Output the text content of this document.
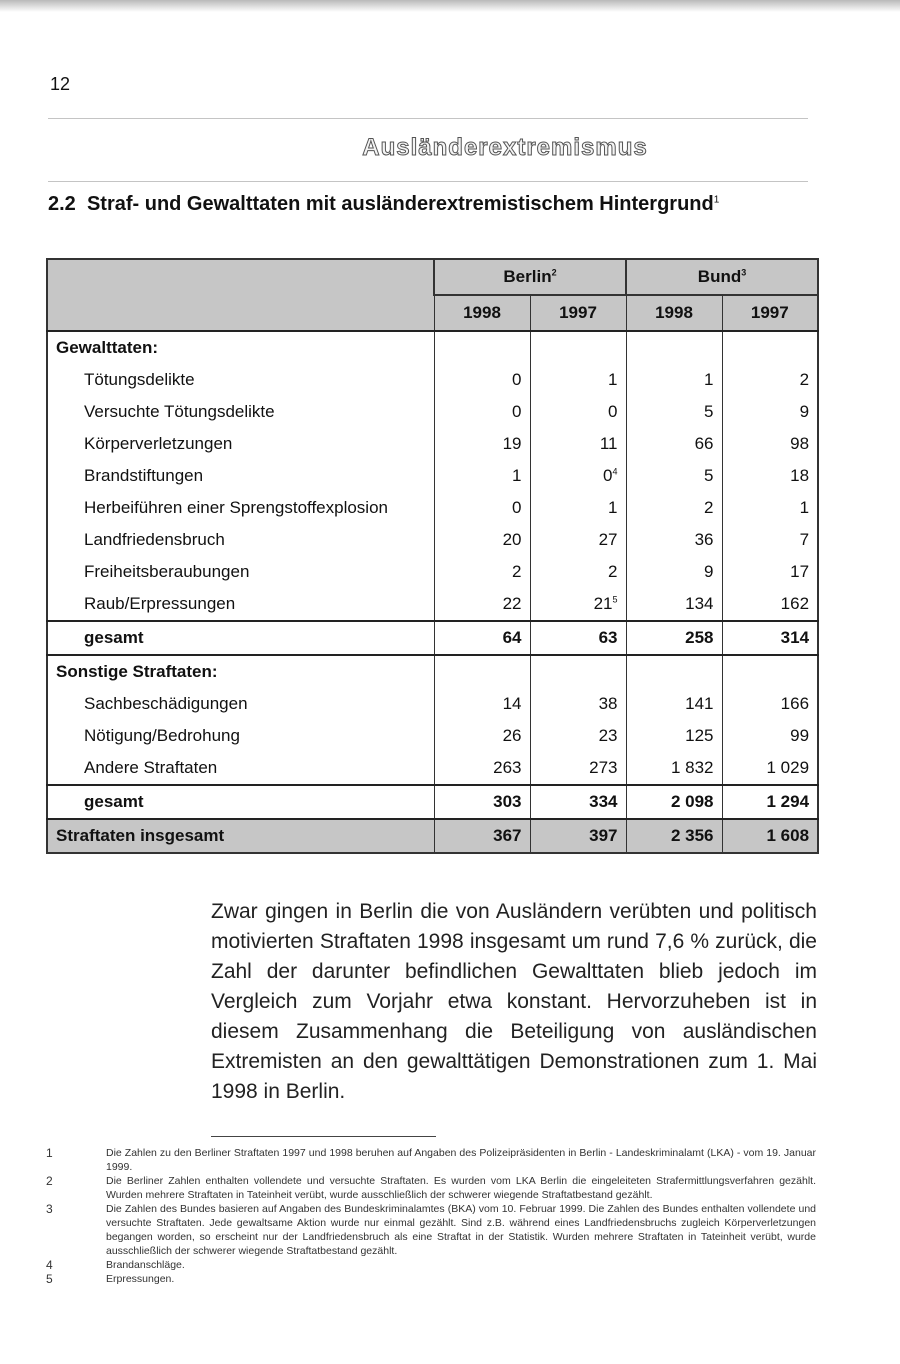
12
Ausländerextremismus
2.2 Straf- und Gewalttaten mit ausländerextremistischem Hintergrund$^1$
	Berlin$^2$		Bund$^3$
	1998	1997	1998	1997
Gewalttaten:				
Tötungsdelikte	0	1	1	2
Versuchte Tötungsdelikte	0	0	5	9
Körperverletzungen	19	11	66	98
Brandstiftungen	1	$0^4$	5	18
Herbeiführen einer Sprengstoffexplosion	0	1	2	1
Landfriedensbruch	20	27	36	7
Freiheitsberaubungen	2	2	9	17
Raub/Erpressungen	22	$21^5$	134	162
gesamt	64	63	258	314
Sonstige Straftaten:				
Sachbeschädigungen	14	38	141	166
Nötigung/Bedrohung	26	23	125	99
Andere Straftaten	263	273	1 832	1 029
gesamt	303	334	2 098	1 294
Straftaten insgesamt	367	397	2 356	1 608
Zwar gingen in Berlin die von Ausländern verübten und politisch motivierten Straftaten 1998 insgesamt um rund 7,6 % zurück, die Zahl der darunter befindlichen Gewalttaten blieb jedoch im Vergleich zum Vorjahr etwa konstant. Hervorzuheben ist in diesem Zusammenhang die Beteiligung von ausländischen Extremisten an den gewalttätigen Demonstrationen zum 1. Mai 1998 in Berlin.
1	Die Zahlen zu den Berliner Straftaten 1997 und 1998 beruhen auf Angaben des Polizeipräsidenten in Berlin - Landeskriminalamt (LKA) - vom 19. Januar 1999.
2	Die Berliner Zahlen enthalten vollendete und versuchte Straftaten. Es wurden vom LKA Berlin die eingeleiteten Strafermittlungsverfahren gezählt. Wurden mehrere Straftaten in Tateinheit verübt, wurde ausschließlich der schwerer wiegende Straftatbestand gezählt.
3	Die Zahlen des Bundes basieren auf Angaben des Bundeskriminalamtes (BKA) vom 10. Februar 1999. Die Zahlen des Bundes enthalten vollendete und versuchte Straftaten. Jede gewaltsame Aktion wurde nur einmal gezählt. Sind z.B. während eines Landfriedensbruchs zugleich Körperverletzungen begangen worden, so erscheint nur der Landfriedensbruch als eine Straftat in der Statistik. Wurden mehrere Straftaten in Tateinheit verübt, wurde ausschließlich der schwerer wiegende Straftatbestand gezählt.
4	Brandanschläge.
5	Erpressungen.
